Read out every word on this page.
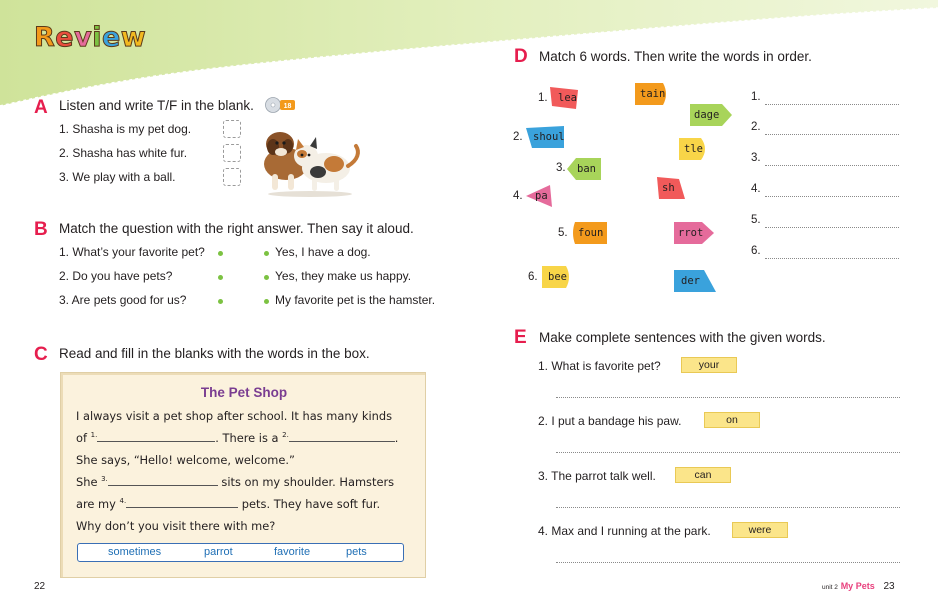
Review
A Listen and write T/F in the blank.	18
1. Shasha is my pet dog.
2. Shasha has white fur.
3. We play with a ball.
B Match the question with the right answer. Then say it aloud.
1. What’s your favorite pet?
2. Do you have pets?
3. Are pets good for us?
Yes, I have a dog.
Yes, they make us happy.
My favorite pet is the hamster.
C Read and fill in the blanks with the words in the box.
The Pet Shop
I always visit a pet shop after school. It has many kinds
of $^{1.}$	. There is a $^{2.}$	.
She says, “Hello! welcome, welcome.”
She $^{3.}$	sits on my shoulder. Hamsters
are my $^{4.}$	pets. They have soft fur.
Why don’t you visit there with me?
sometimes	parrot	favorite	pets
22
D Match 6 words. Then write the words in order.
1.
2.
3.
4.
5.
6.
lea
shoul
ban
pa
foun
bee
tain
dage
tle
sh
rrot
der
1.
2.
3.
4.
5.
6.
E Make complete sentences with the given words.
1. What is favorite pet?	your
2. I put a bandage his paw.	on
3. The parrot talk well.	can
4. Max and I running at the park.	were
unit 2 My Pets 23
